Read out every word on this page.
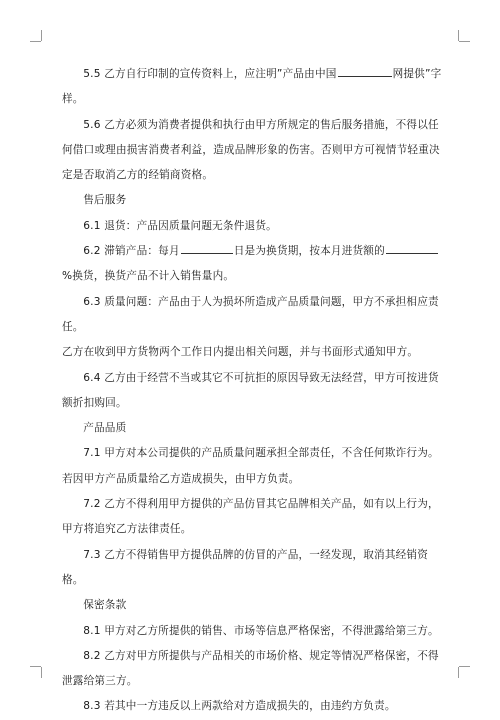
5.5 乙方自行印制的宣传资料上，应注明”产品由中国	网提供”字样。

5.6 乙方必须为消费者提供和执行由甲方所规定的售后服务措施，不得以任何借口或理由损害消费者利益，造成品牌形象的伤害。否则甲方可视情节轻重决定是否取消乙方的经销商资格。

售后服务

6.1 退货：产品因质量问题无条件退货。

6.2 滞销产品：每月	日是为换货期，按本月进货额的%换货，换货产品不计入销售量内。

6.3 质量问题：产品由于人为损坏所造成产品质量问题，甲方不承担相应责任。

乙方在收到甲方货物两个工作日内提出相关问题，并与书面形式通知甲方。

6.4 乙方由于经营不当或其它不可抗拒的原因导致无法经营，甲方可按进货额折扣购回。

产品品质

7.1 甲方对本公司提供的产品质量问题承担全部责任，不含任何欺诈行为。若因甲方产品质量给乙方造成损失，由甲方负责。

7.2 乙方不得利用甲方提供的产品仿冒其它品牌相关产品，如有以上行为，甲方将追究乙方法律责任。

7.3 乙方不得销售甲方提供品牌的仿冒的产品，一经发现，取消其经销资格。

保密条款

8.1 甲方对乙方所提供的销售、市场等信息严格保密，不得泄露给第三方。

8.2 乙方对甲方所提供与产品相关的市场价格、规定等情况严格保密，不得泄露给第三方。

8.3 若其中一方违反以上两款给对方造成损失的，由违约方负责。
